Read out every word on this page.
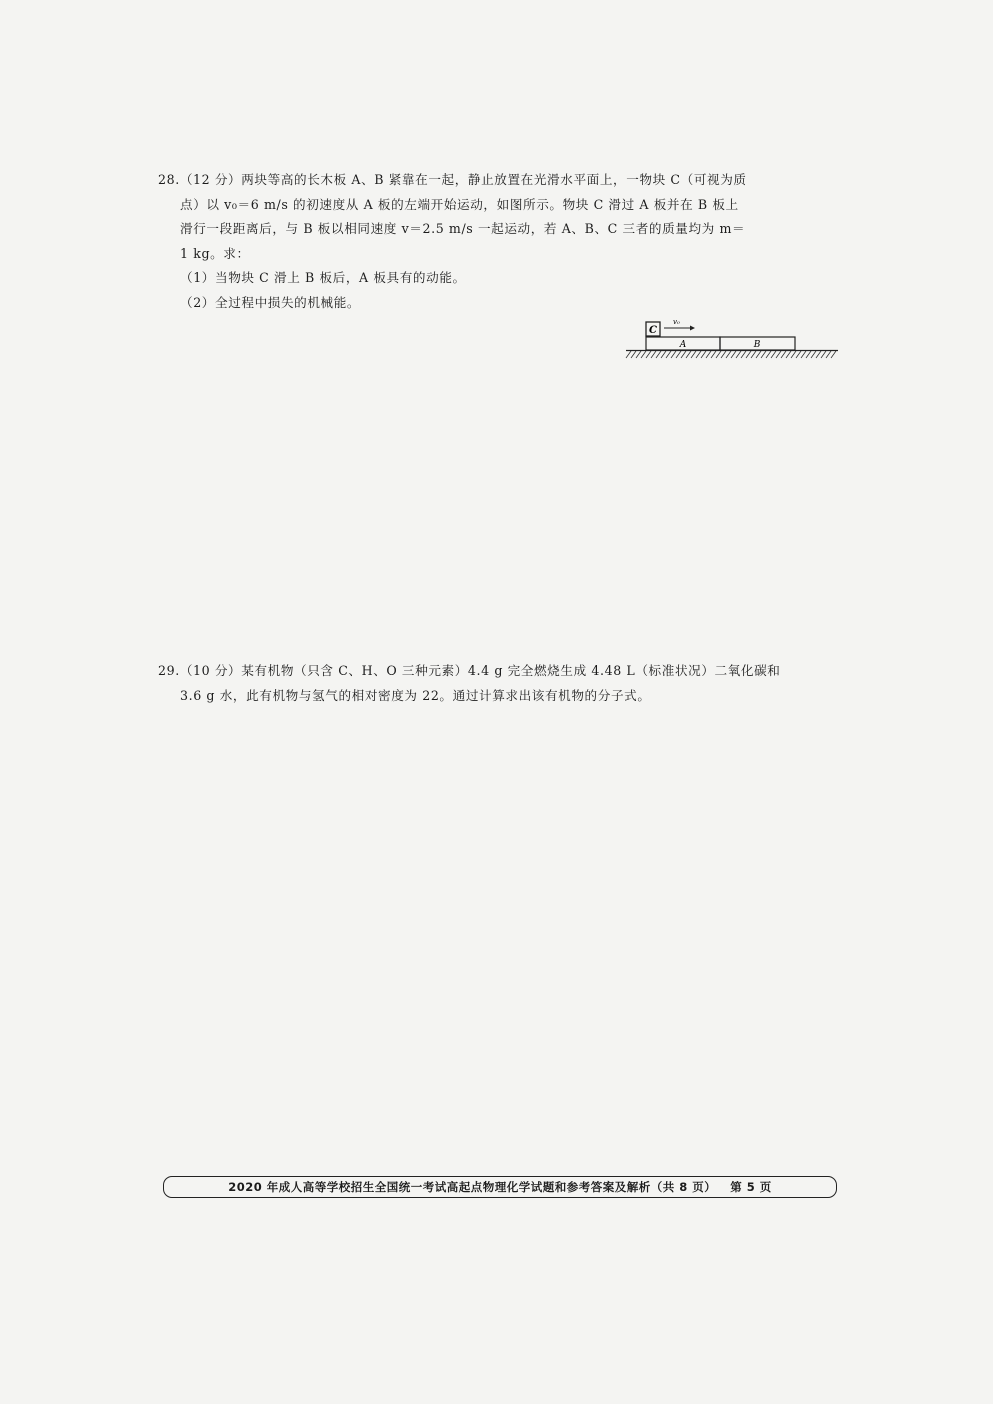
28.（12 分）两块等高的长木板 A、B 紧靠在一起，静止放置在光滑水平面上，一物块 C（可视为质

点）以 v₀＝6 m/s 的初速度从 A 板的左端开始运动，如图所示。物块 C 滑过 A 板并在 B 板上

滑行一段距离后，与 B 板以相同速度 v＝2.5 m/s 一起运动，若 A、B、C 三者的质量均为 m＝

1 kg。求：

（1）当物块 C 滑上 B 板后，A 板具有的动能。

（2）全过程中损失的机械能。

C
v₀
A	B

29.（10 分）某有机物（只含 C、H、O 三种元素）4.4 g 完全燃烧生成 4.48 L（标准状况）二氧化碳和

3.6 g 水，此有机物与氢气的相对密度为 22。通过计算求出该有机物的分子式。

2020 年成人高等学校招生全国统一考试高起点物理化学试题和参考答案及解析（共 8 页） 第 5 页
